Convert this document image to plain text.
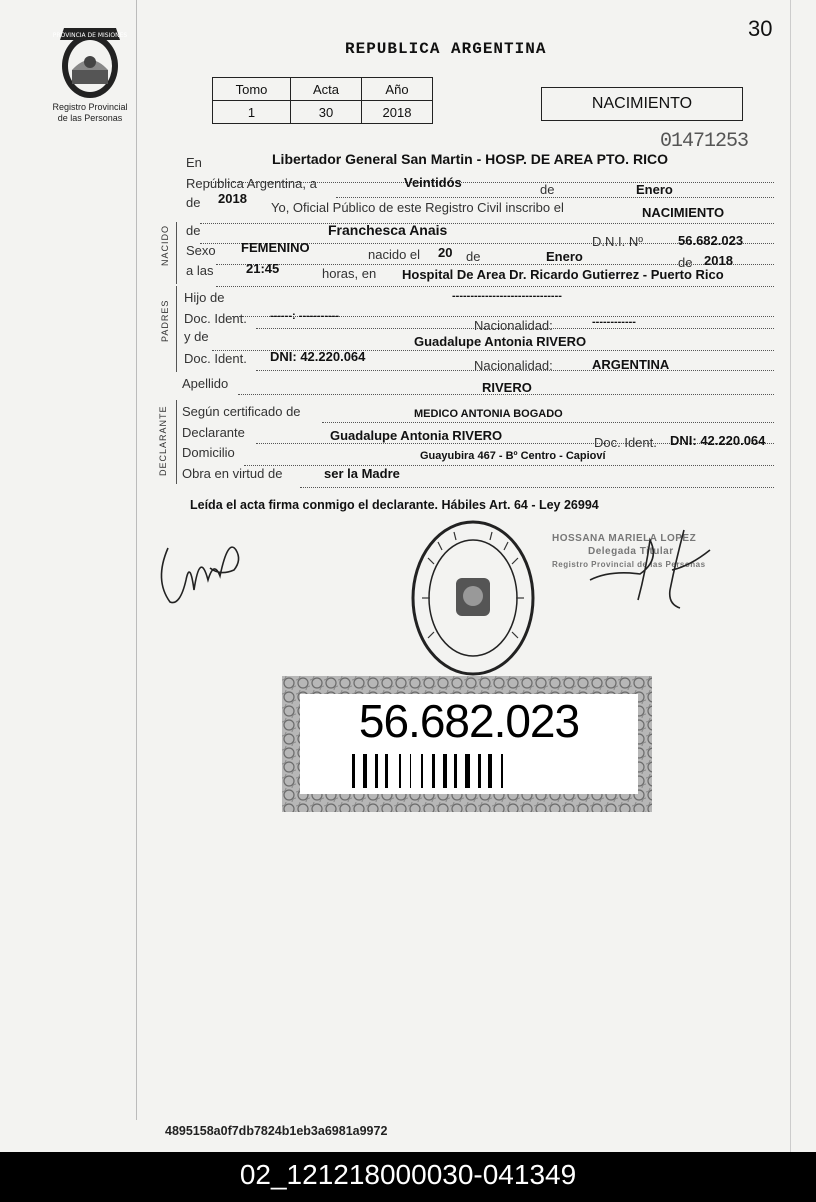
PROVINCIA DE MISIONES
Registro Provincial
de las Personas
30
REPUBLICA ARGENTINA
Tomo	Acta	Año
1	30	2018	NACIMIENTO
01471253
En	Libertador General San Martin - HOSP. DE AREA PTO. RICO
República Argentina, a	Veintidós	de	Enero
de 2018
Yo, Oficial Público de este Registro Civil inscribo el	NACIMIENTO
NACIDO de	Franchesca Anais
D.N.I. Nº	56.682.023
Sexo FEMENINO	nacido el 20 de	Enero	de 2018
a las	21:45	horas, en Hospital De Area Dr. Ricardo Gutierrez - Puerto Rico
PADRES
Hijo de	------------------------------
Doc. Ident. ------: -----------
Nacionalidad:	------------
y de	Guadalupe Antonia RIVERO
Doc. Ident. DNI: 42.220.064
Nacionalidad:	ARGENTINA
Apellido	RIVERO
DECLARANTE Según certificado de	MEDICO ANTONIA BOGADO
Declarante	Guadalupe Antonia RIVERO	Doc. Ident. DNI: 42.220.064
Domicilio	Guayubira 467 - Bº Centro - Capioví
Obra en virtud de	ser la Madre
Leída el acta firma conmigo el declarante. Hábiles Art. 64 - Ley 26994
HOSSANA MARIELA LOPEZ
Delegada Titular
Registro Provincial de las Personas
56.682.023
4895158a0f7db7824b1eb3a6981a9972
02_121218000030-041349
